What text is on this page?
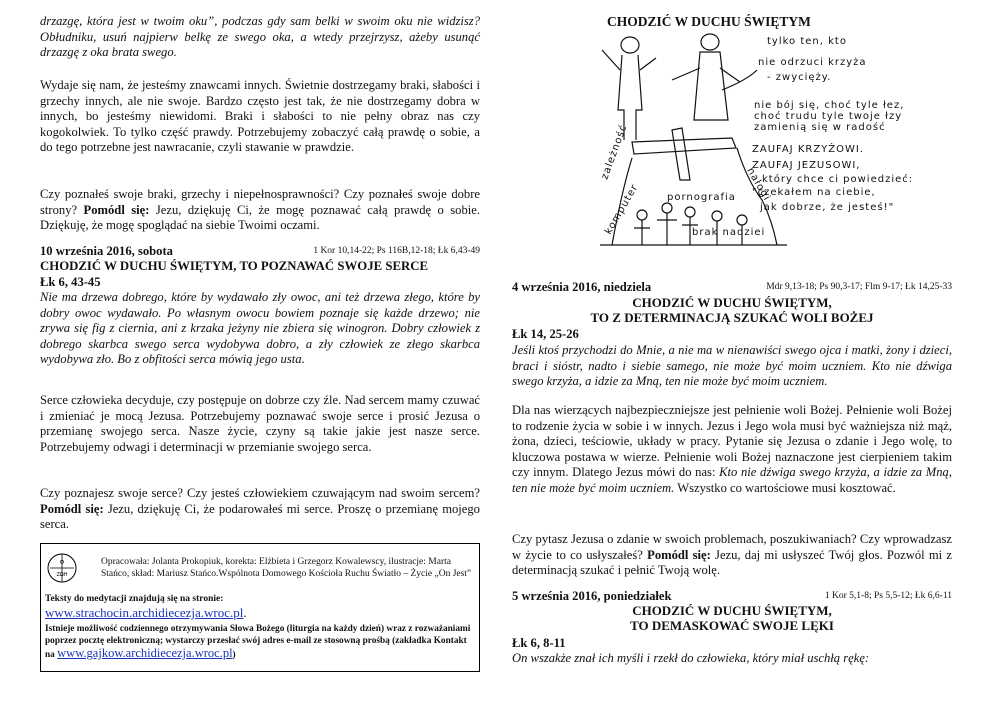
drzazgę, która jest w twoim oku”, podczas gdy sam belki w swoim oku nie widzisz? Obłudniku, usuń najpierw belkę ze swego oka, a wtedy przejrzysz, ażeby usunąć drzazgę z oka brata swego.

Wydaje się nam, że jesteśmy znawcami innych. Świetnie dostrzegamy braki, słabości i grzechy innych, ale nie swoje. Bardzo często jest tak, że nie dostrzegamy dobra w innych, bo jesteśmy niewidomi. Braki i słabości to nie pełny obraz nas czy kogokolwiek. To tylko część prawdy. Potrzebujemy zobaczyć całą prawdę o sobie, a do tego potrzebne jest nawracanie, czyli stawanie w prawdzie.

Czy poznałeś swoje braki, grzechy i niepełnosprawności? Czy poznałeś swoje dobre strony? Pomódl się: Jezu, dziękuję Ci, że mogę poznawać całą prawdę o sobie. Dziękuję, że mogę spoglądać na siebie Twoimi oczami.

10 września 2016, sobota	1 Kor 10,14-22; Ps 116B,12-18; Łk 6,43-49
CHODZIĆ W DUCHU ŚWIĘTYM, TO POZNAWAĆ SWOJE SERCE
Łk 6, 43-45

Nie ma drzewa dobrego, które by wydawało zły owoc, ani też drzewa złego, które by dobry owoc wydawało. Po własnym owocu bowiem poznaje się każde drzewo; nie zrywa się fig z ciernia, ani z krzaka jeżyny nie zbiera się winogron. Dobry człowiek z dobrego skarbca swego serca wydobywa dobro, a zły człowiek ze złego skarbca wydobywa zło. Bo z obfitości serca mówią jego usta.

Serce człowieka decyduje, czy postępuje on dobrze czy źle. Nad sercem mamy czuwać i zmieniać je mocą Jezusa. Potrzebujemy poznawać swoje serce i prosić Jezusa o przemianę swojego serca. Nasze życie, czyny są takie jakie jest nasze serce. Potrzebujemy odwagi i determinacji w przemianie swojego serca.

Czy poznajesz swoje serce? Czy jesteś człowiekiem czuwającym nad swoim sercem? Pomódl się: Jezu, dziękuję Ci, że podarowałeś mi serce. Proszę o przemianę mojego serca.

Φ
ΖΩΗ
Opracowała: Jolanta Prokopiuk, korekta: Elżbieta i Grzegorz Kowalewscy, ilustracje: Marta Stańco, skład: Mariusz Stańco.Wspólnota Domowego Kościoła Ruchu Światło – Życie „On Jest”
Teksty do medytacji znajdują się na stronie:
www.strachocin.archidiecezja.wroc.pl.
Istnieje możliwość codziennego otrzymywania Słowa Bożego (liturgia na każdy dzień) wraz z rozważaniami poprzez pocztę elektroniczną; wystarczy przesłać swój adres e-mail ze stosowną prośbą (zakładka Kontakt na www.gajkow.archidiecezja.wroc.pl)
CHODZIĆ W DUCHU ŚWIĘTYM
tylko ten, kto
nie odrzuci krzyża
- zwycięży.
nie bój się, choć tyle łez,
choć trudu tyle twoje łzy
zamienią się w radość
ZAUFAJ KRZYŻOWI.
ZAUFAJ JEZUSOWI,
który chce ci powiedzieć:
"czekałem na ciebie,
jak dobrze, że jesteś!"
zależność
nałogi
pornografia
komputer	brak nadziei
4 września 2016, niedziela	Mdr 9,13-18; Ps 90,3-17; Flm 9-17; Łk 14,25-33
CHODZIĆ W DUCHU ŚWIĘTYM,
TO Z DETERMINACJĄ SZUKAĆ WOLI BOŻEJ
Łk 14, 25-26

Jeśli ktoś przychodzi do Mnie, a nie ma w nienawiści swego ojca i matki, żony i dzieci, braci i sióstr, nadto i siebie samego, nie może być moim uczniem. Kto nie dźwiga swego krzyża, a idzie za Mną, ten nie może być moim uczniem.

Dla nas wierzących najbezpieczniejsze jest pełnienie woli Bożej. Pełnienie woli Bożej to rodzenie życia w sobie i w innych. Jezus i Jego wola musi być ważniejsza niż mąż, żona, dzieci, teściowie, układy w pracy. Pytanie się Jezusa o zdanie i Jego wolę, to kluczowa postawa w wierze. Pełnienie woli Bożej naznaczone jest cierpieniem takim czy innym. Dlatego Jezus mówi do nas: Kto nie dźwiga swego krzyża, a idzie za Mną, ten nie może być moim uczniem. Wszystko co wartościowe musi kosztować.

Czy pytasz Jezusa o zdanie w swoich problemach, poszukiwaniach? Czy wprowadzasz w życie to co usłyszałeś? Pomódl się: Jezu, daj mi usłyszeć Twój głos. Pozwól mi z determinacją szukać i pełnić Twoją wolę.

5 września 2016, poniedziałek	1 Kor 5,1-8; Ps 5,5-12; Łk 6,6-11
CHODZIĆ W DUCHU ŚWIĘTYM,
TO DEMASKOWAĆ SWOJE LĘKI
Łk 6, 8-11

On wszakże znał ich myśli i rzekł do człowieka, który miał uschłą rękę:
